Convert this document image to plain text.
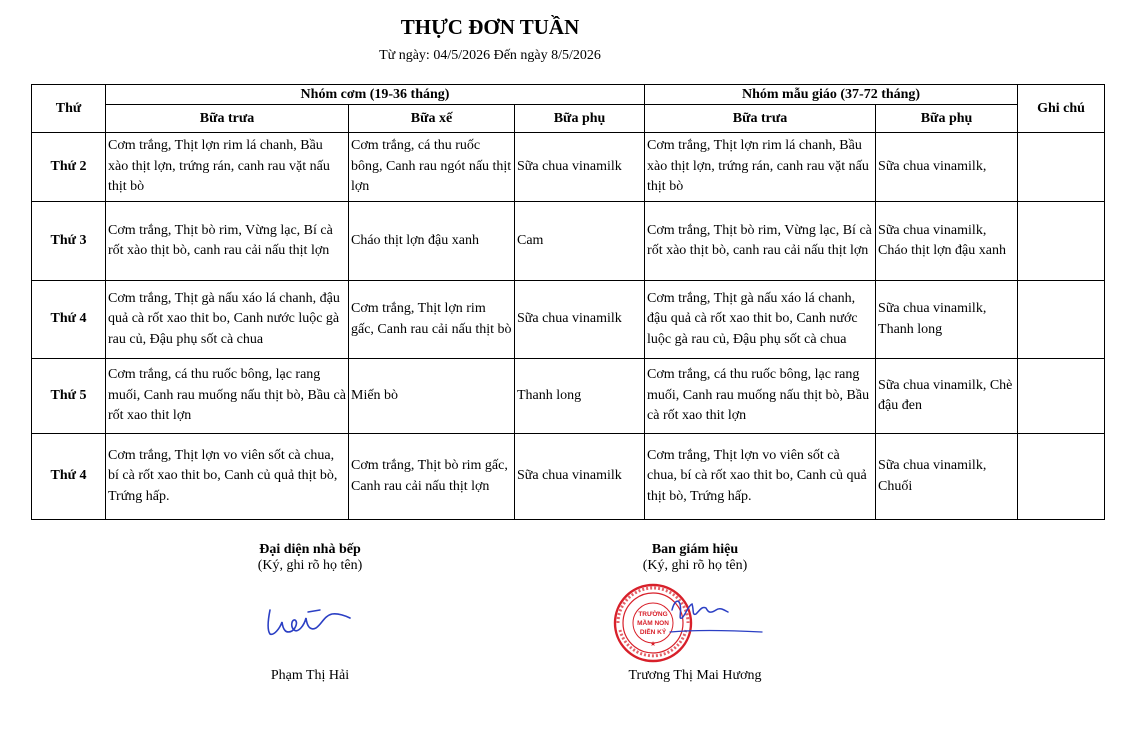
THỰC ĐƠN TUẦN
Từ ngày: 04/5/2026 Đến ngày 8/5/2026
Thứ	Nhóm cơm (19-36 tháng)			Nhóm mẫu giáo (37-72 tháng)		Ghi chú
	Bữa trưa	Bữa xế	Bữa phụ	Bữa trưa	Bữa phụ	
Thứ 2	Cơm trắng, Thịt lợn rim lá chanh, Bầu xào thịt lợn, trứng rán, canh rau vặt nấu thịt bò	Cơm trắng, cá thu ruốc bông, Canh rau ngót nấu thịt lợn	Sữa chua vinamilk	Cơm trắng, Thịt lợn rim lá chanh, Bầu xào thịt lợn, trứng rán, canh rau vặt nấu thịt bò	Sữa chua vinamilk,	
Thứ 3	Cơm trắng, Thịt bò rim, Vừng lạc, Bí cà rốt xào thịt bò, canh rau cải nấu thịt lợn	Cháo thịt lợn đậu xanh	Cam	Cơm trắng, Thịt bò rim, Vừng lạc, Bí cà rốt xào thịt bò, canh rau cải nấu thịt lợn	Sữa chua vinamilk, Cháo thịt lợn đậu xanh	
Thứ 4	Cơm trắng, Thịt gà nấu xáo lá chanh, đậu quả cà rốt xao thit bo, Canh nước luộc gà rau củ, Đậu phụ sốt cà chua	Cơm trắng, Thịt lợn rim gấc, Canh rau cải nấu thịt bò	Sữa chua vinamilk	Cơm trắng, Thịt gà nấu xáo lá chanh, đậu quả cà rốt xao thit bo, Canh nước luộc gà rau củ, Đậu phụ sốt cà chua	Sữa chua vinamilk, Thanh long	
Thứ 5	Cơm trắng, cá thu ruốc bông, lạc rang muối, Canh rau muống nấu thịt bò, Bầu cà rốt xao thit lợn	Miến bò	Thanh long	Cơm trắng, cá thu ruốc bông, lạc rang muối, Canh rau muống nấu thịt bò, Bầu cà rốt xao thit lợn	Sữa chua vinamilk, Chè đậu đen	
Thứ 4	Cơm trắng, Thịt lợn vo viên sốt cà chua, bí cà rốt xao thit bo, Canh củ quả thịt bò, Trứng hấp.	Cơm trắng, Thịt bò rim gấc, Canh rau cải nấu thịt lợn	Sữa chua vinamilk	Cơm trắng, Thịt lợn vo viên sốt cà chua, bí cà rốt xao thit bo, Canh củ quả thịt bò, Trứng hấp.	Sữa chua vinamilk, Chuối	
Đại diện nhà bếp
(Ký, ghi rõ họ tên)
Phạm Thị Hải
Ban giám hiệu
(Ký, ghi rõ họ tên)
Trương Thị Mai Hương
TRƯỜNG
MẦM NON
DIỄN KỶ
★
